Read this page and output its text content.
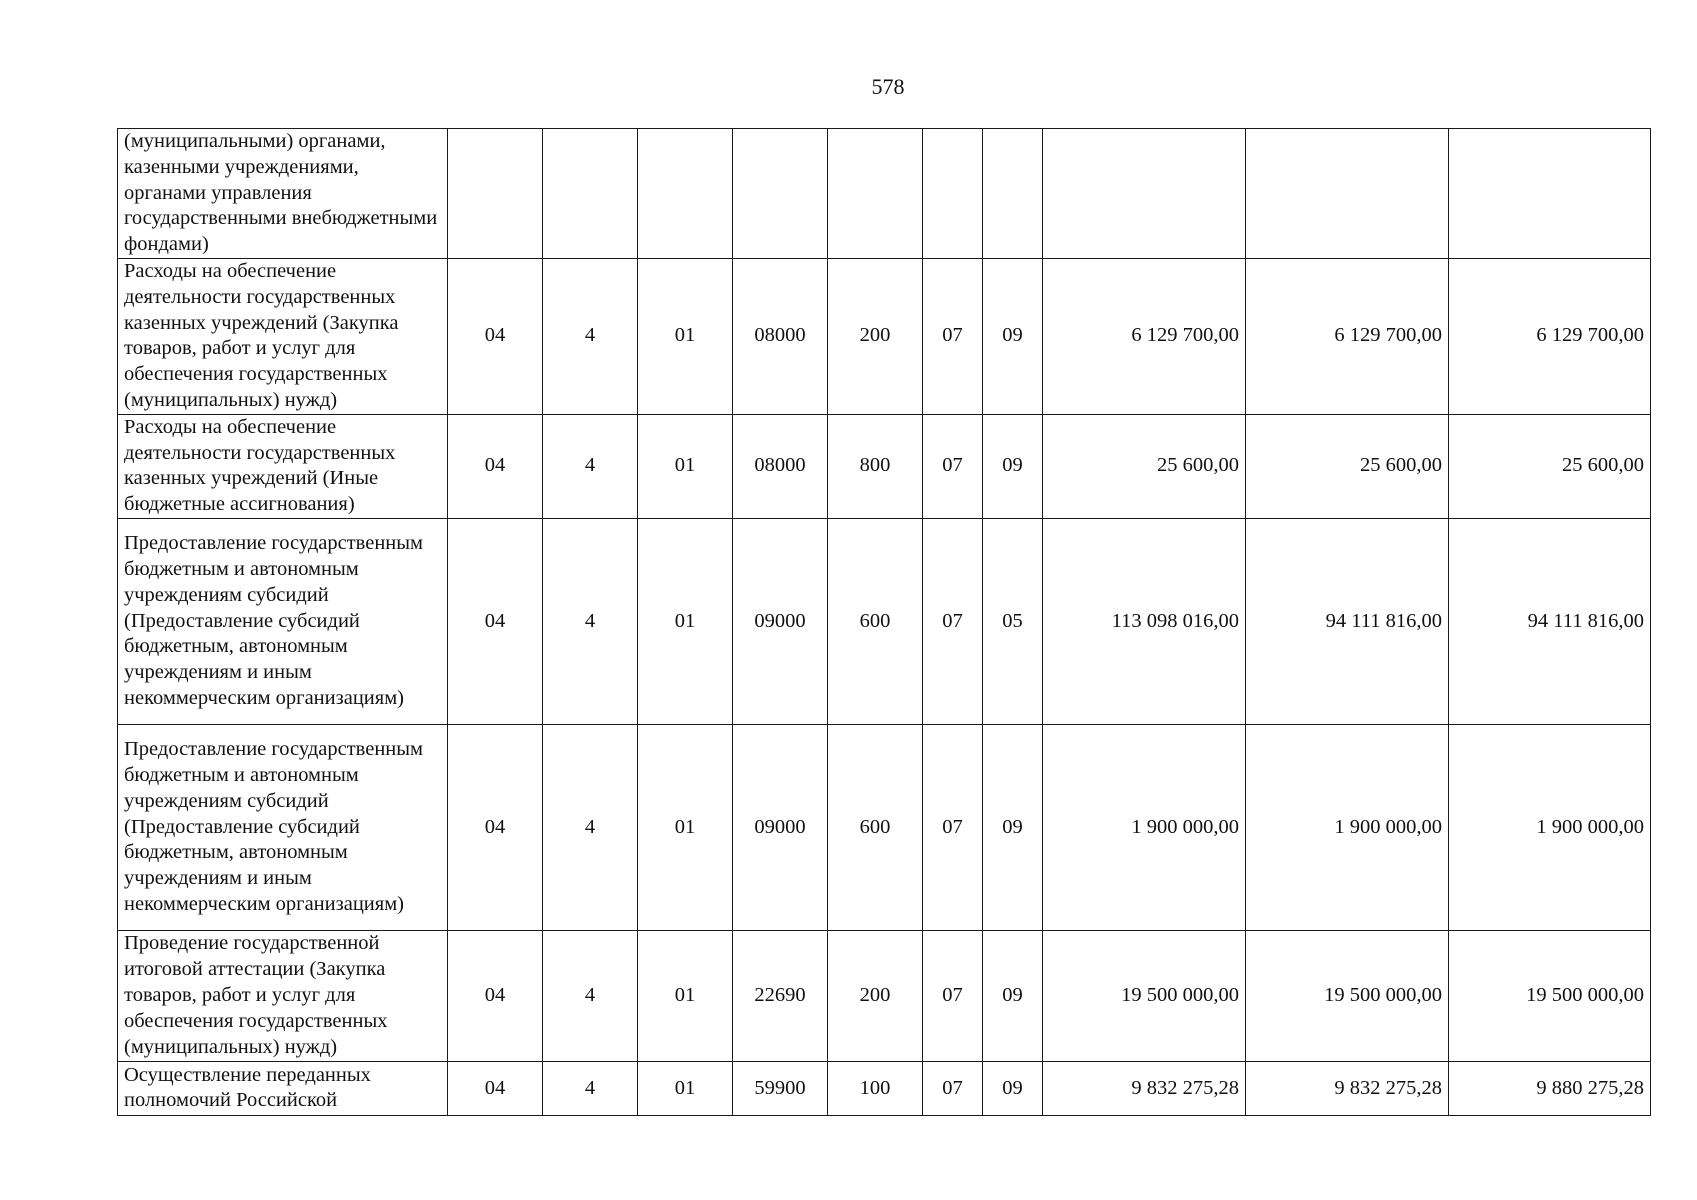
578
(муниципальными) органами, казенными учреждениями, органами управления государственными внебюджетными фондами)										
Расходы на обеспечение деятельности государственных казенных учреждений (Закупка товаров, работ и услуг для обеспечения государственных (муниципальных) нужд)	04	4	01	08000	200	07	09	6 129 700,00	6 129 700,00	6 129 700,00
Расходы на обеспечение деятельности государственных казенных учреждений (Иные бюджетные ассигнования)	04	4	01	08000	800	07	09	25 600,00	25 600,00	25 600,00
Предоставление государственным бюджетным и автономным учреждениям субсидий (Предоставление субсидий бюджетным, автономным учреждениям и иным некоммерческим организациям)	04	4	01	09000	600	07	05	113 098 016,00	94 111 816,00	94 111 816,00
Предоставление государственным бюджетным и автономным учреждениям субсидий (Предоставление субсидий бюджетным, автономным учреждениям и иным некоммерческим организациям)	04	4	01	09000	600	07	09	1 900 000,00	1 900 000,00	1 900 000,00
Проведение государственной итоговой аттестации (Закупка товаров, работ и услуг для обеспечения государственных (муниципальных) нужд)	04	4	01	22690	200	07	09	19 500 000,00	19 500 000,00	19 500 000,00
Осуществление переданных полномочий Российской	04	4	01	59900	100	07	09	9 832 275,28	9 832 275,28	9 880 275,28
